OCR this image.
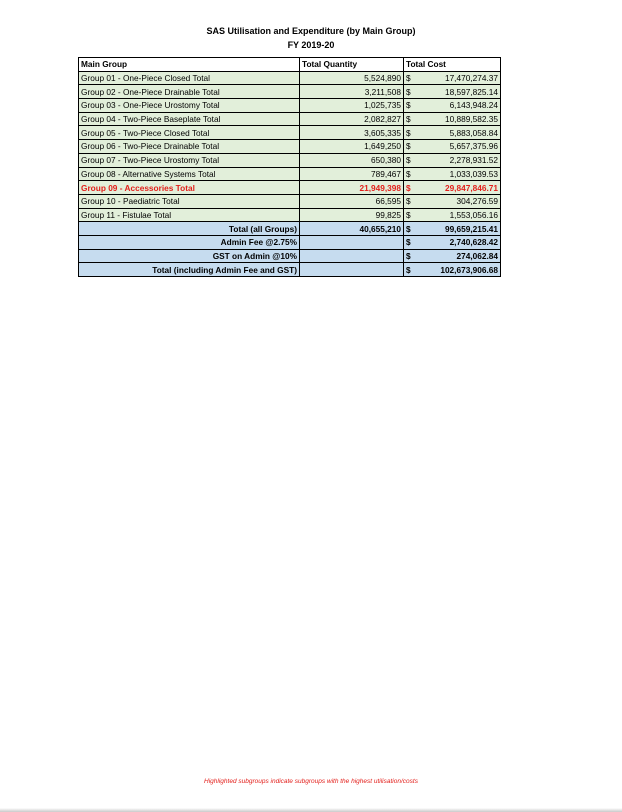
SAS Utilisation and Expenditure (by Main Group)
FY 2019-20
Main Group	Total Quantity	Total Cost	
Group 01 - One-Piece Closed Total	5,524,890	$	17,470,274.37
Group 02 - One-Piece Drainable Total	3,211,508	$	18,597,825.14
Group 03 - One-Piece Urostomy Total	1,025,735	$	6,143,948.24
Group 04 - Two-Piece Baseplate Total	2,082,827	$	10,889,582.35
Group 05 - Two-Piece Closed Total	3,605,335	$	5,883,058.84
Group 06 - Two-Piece Drainable Total	1,649,250	$	5,657,375.96
Group 07 - Two-Piece Urostomy Total	650,380	$	2,278,931.52
Group 08 - Alternative Systems Total	789,467	$	1,033,039.53
Group 09 - Accessories Total	21,949,398	$	29,847,846.71
Group 10 - Paediatric Total	66,595	$	304,276.59
Group 11 - Fistulae Total	99,825	$	1,553,056.16
Total (all Groups)	40,655,210	$	99,659,215.41
Admin Fee @2.75%		$	2,740,628.42
GST on Admin @10%		$	274,062.84
Total (including Admin Fee and GST)		$	102,673,906.68
Highlighted subgroups indicate subgroups with the highest utilisation/costs
